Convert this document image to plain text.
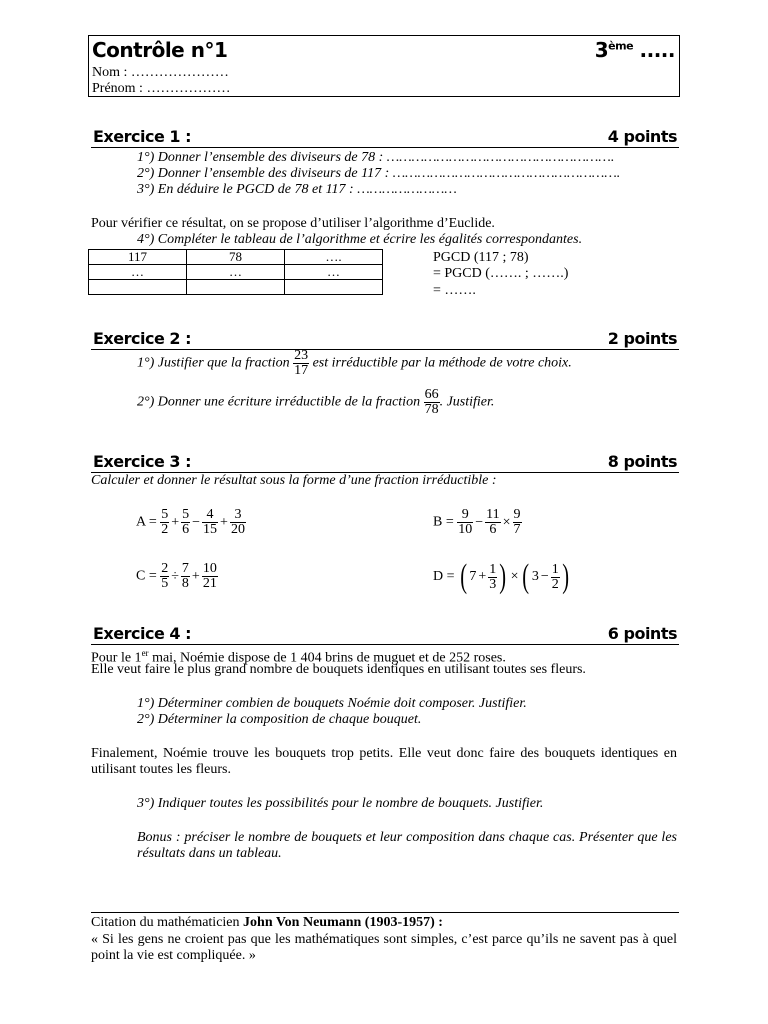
Contrôle n°1	3ème .....
Nom : …………………
Prénom : ………………
Exercice 1 :	4 points
1°) Donner l’ensemble des diviseurs de 78 : ……………………………………………….
2°) Donner l’ensemble des diviseurs de 117 : ……………………………………………….
3°) En déduire le PGCD de 78 et 117 : ……………………
Pour vérifier ce résultat, on se propose d’utiliser l’algorithme d’Euclide.
4°) Compléter le tableau de l’algorithme et écrire les égalités correspondantes.
117	78	….
…	…	…

PGCD (117 ; 78)
= PGCD (……. ; …….)
= …….
Exercice 2 :	2 points
1°) Justifier que la fraction $\frac{23}{17}$ est irréductible par la méthode de votre choix.
2°) Donner une écriture irréductible de la fraction $\frac{66}{78}$ . Justifier.
Exercice 3 :	8 points
Calculer et donner le résultat sous la forme d’une fraction irréductible :
$A = \frac{5}{2} + \frac{5}{6} - \frac{4}{15} + \frac{3}{20}$	$B = \frac{9}{10} - \frac{11}{6} \times \frac{9}{7}$
$C = \frac{2}{5} \div \frac{7}{8} + \frac{10}{21}$	D = ( $7 + \frac{1}{3}$ ) × ( $3 - \frac{1}{2}$ )
Exercice 4 :	6 points
Pour le 1er mai, Noémie dispose de 1 404 brins de muguet et de 252 roses.
Elle veut faire le plus grand nombre de bouquets identiques en utilisant toutes ses fleurs.
1°) Déterminer combien de bouquets Noémie doit composer. Justifier.
2°) Déterminer la composition de chaque bouquet.
Finalement, Noémie trouve les bouquets trop petits. Elle veut donc faire des bouquets identiques en utilisant toutes les fleurs.
3°) Indiquer toutes les possibilités pour le nombre de bouquets. Justifier.
Bonus : préciser le nombre de bouquets et leur composition dans chaque cas. Présenter que les résultats dans un tableau.
Citation du mathématicien John Von Neumann (1903-1957) :
« Si les gens ne croient pas que les mathématiques sont simples, c’est parce qu’ils ne savent pas à quel point la vie est compliquée. »
